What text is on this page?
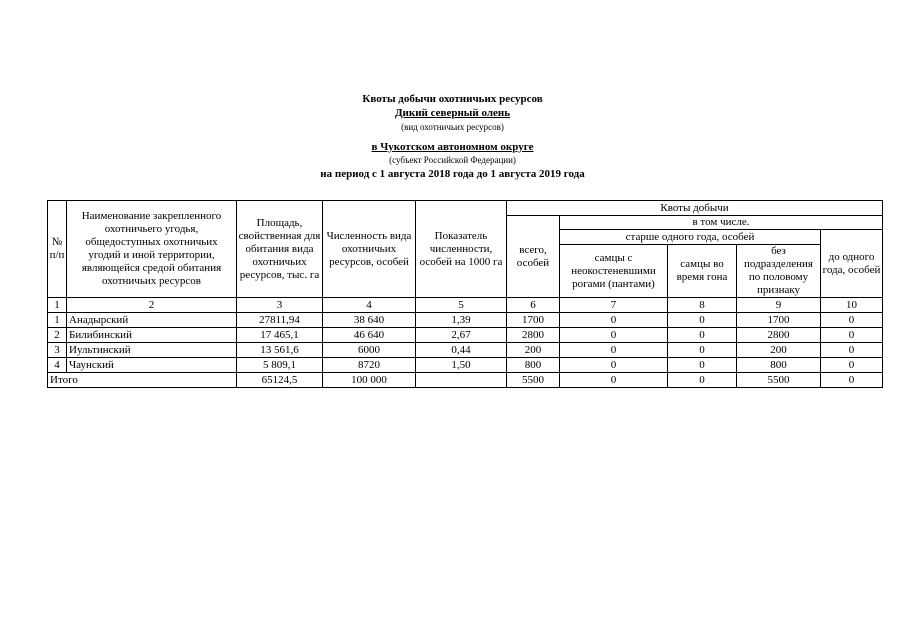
Квоты добычи охотничьих ресурсов
Дикий северный олень
(вид охотничьих ресурсов)
в Чукотском автономном округе
(субъект Российской Федерации)
на период с 1 августа 2018 года до 1 августа 2019 года
№ п/п	Наименование закрепленного охотничьего угодья, общедоступных охотничьих угодий и иной территории, являющейся средой обитания охотничьих ресурсов	Площадь, свойственная для обитания вида охотничьих ресурсов, тыс. га	Численность вида охотничьих ресурсов, особей	Показатель численности, особей на 1000 га	Квоты добычи				
					всего, особей	в том числе.			
						старше одного года, особей			до одного года, особей
						самцы с неокостеневшими рогами (пантами)	самцы во время гона	без подразделения по половому признаку	
1	2	3	4	5	6	7	8	9	10
1	Анадырский	27811,94	38 640	1,39	1700	0	0	1700	0
2	Билибинский	17 465,1	46 640	2,67	2800	0	0	2800	0
3	Иультинский	13 561,6	6000	0,44	200	0	0	200	0
4	Чаунский	5 809,1	8720	1,50	800	0	0	800	0
Итого		65124,5	100 000		5500	0	0	5500	0
